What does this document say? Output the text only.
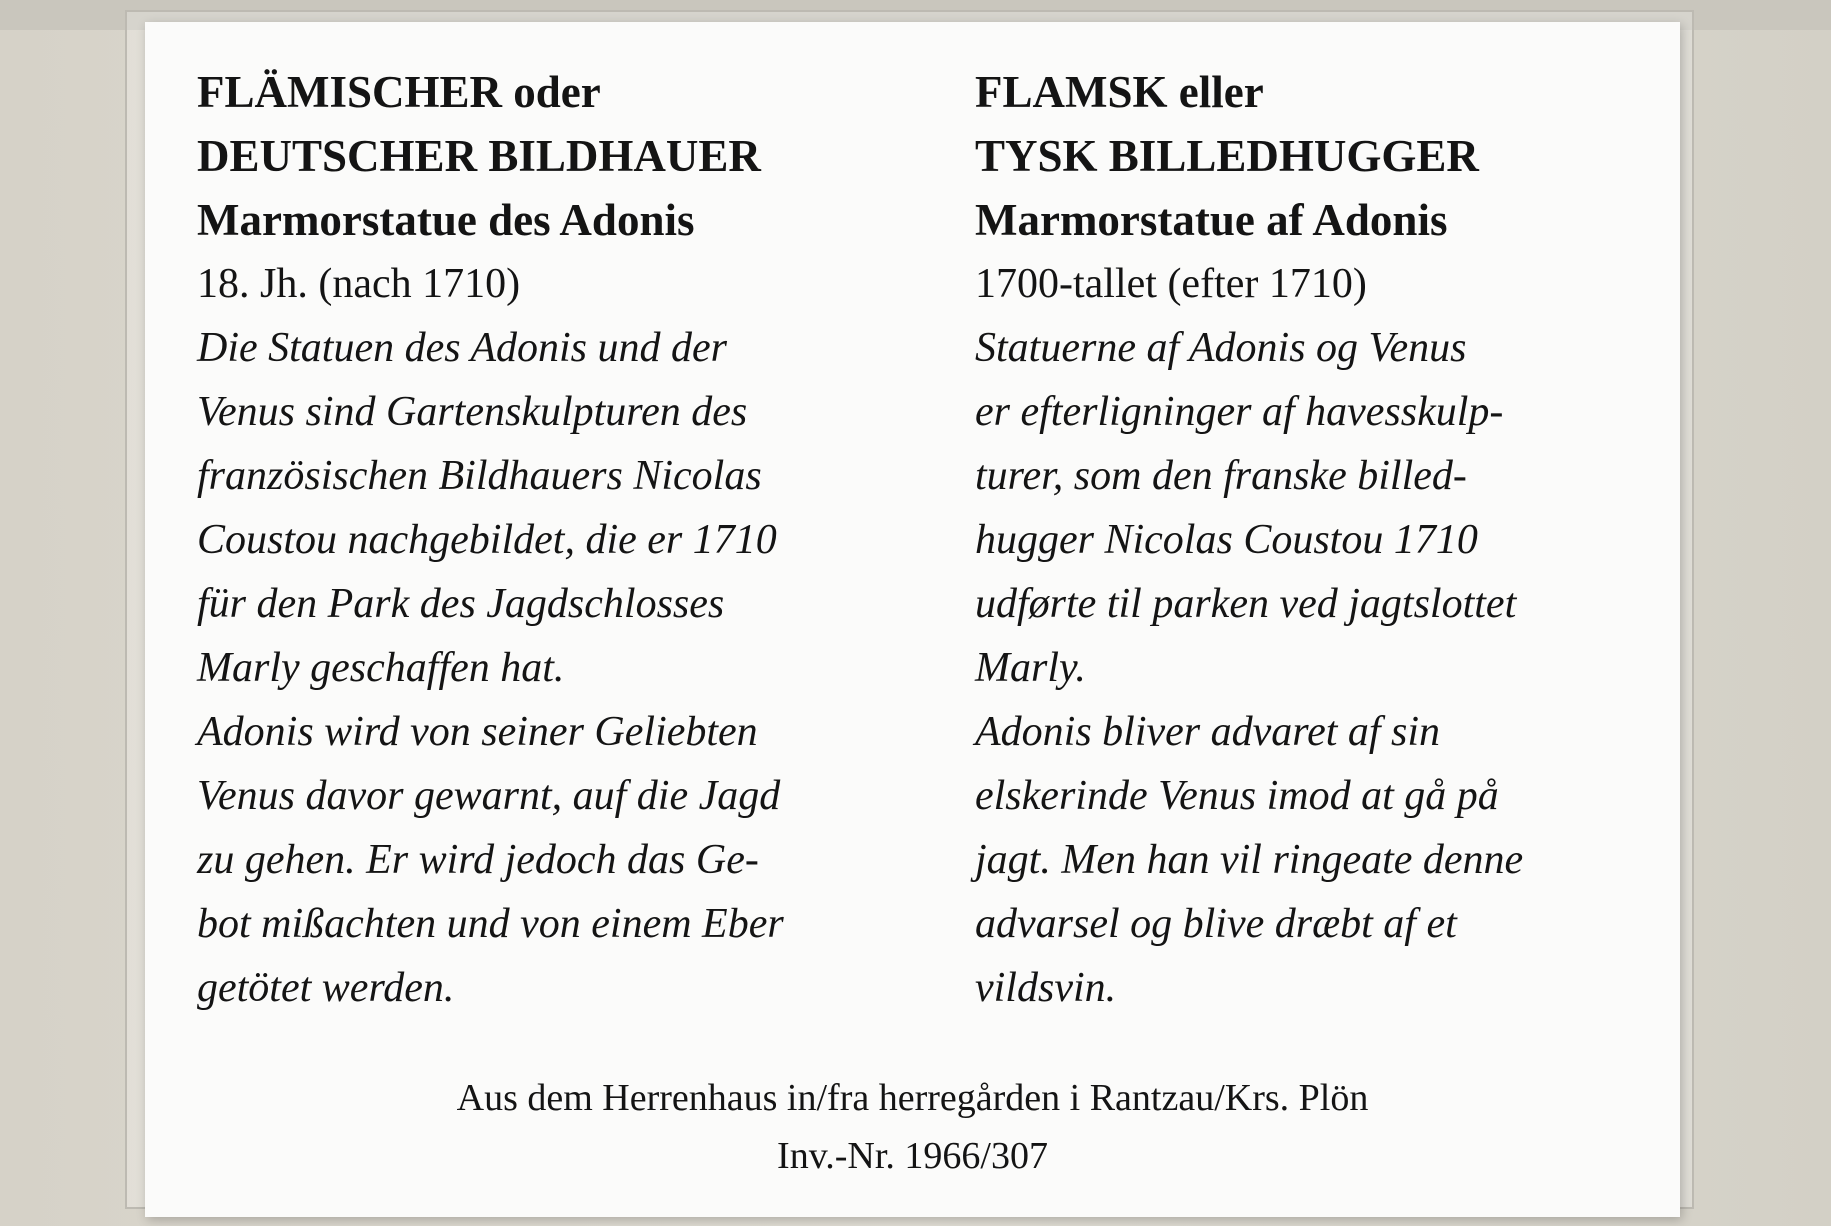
FLÄMISCHER oder
DEUTSCHER BILDHAUER
Marmorstatue des Adonis
18. Jh. (nach 1710)
Die Statuen des Adonis und der
Venus sind Gartenskulpturen des
französischen Bildhauers Nicolas
Coustou nachgebildet, die er 1710
für den Park des Jagdschlosses
Marly geschaffen hat.
Adonis wird von seiner Geliebten
Venus davor gewarnt, auf die Jagd
zu gehen. Er wird jedoch das Ge-
bot mißachten und von einem Eber
getötet werden.
FLAMSK eller
TYSK BILLEDHUGGER
Marmorstatue af Adonis
1700-tallet (efter 1710)
Statuerne af Adonis og Venus
er efterligninger af havesskulp-
turer, som den franske billed-
hugger Nicolas Coustou 1710
udførte til parken ved jagtslottet
Marly.
Adonis bliver advaret af sin
elskerinde Venus imod at gå på
jagt. Men han vil ringeate denne
advarsel og blive dræbt af et
vildsvin.
Aus dem Herrenhaus in/fra herregården i Rantzau/Krs. Plön
Inv.-Nr. 1966/307
